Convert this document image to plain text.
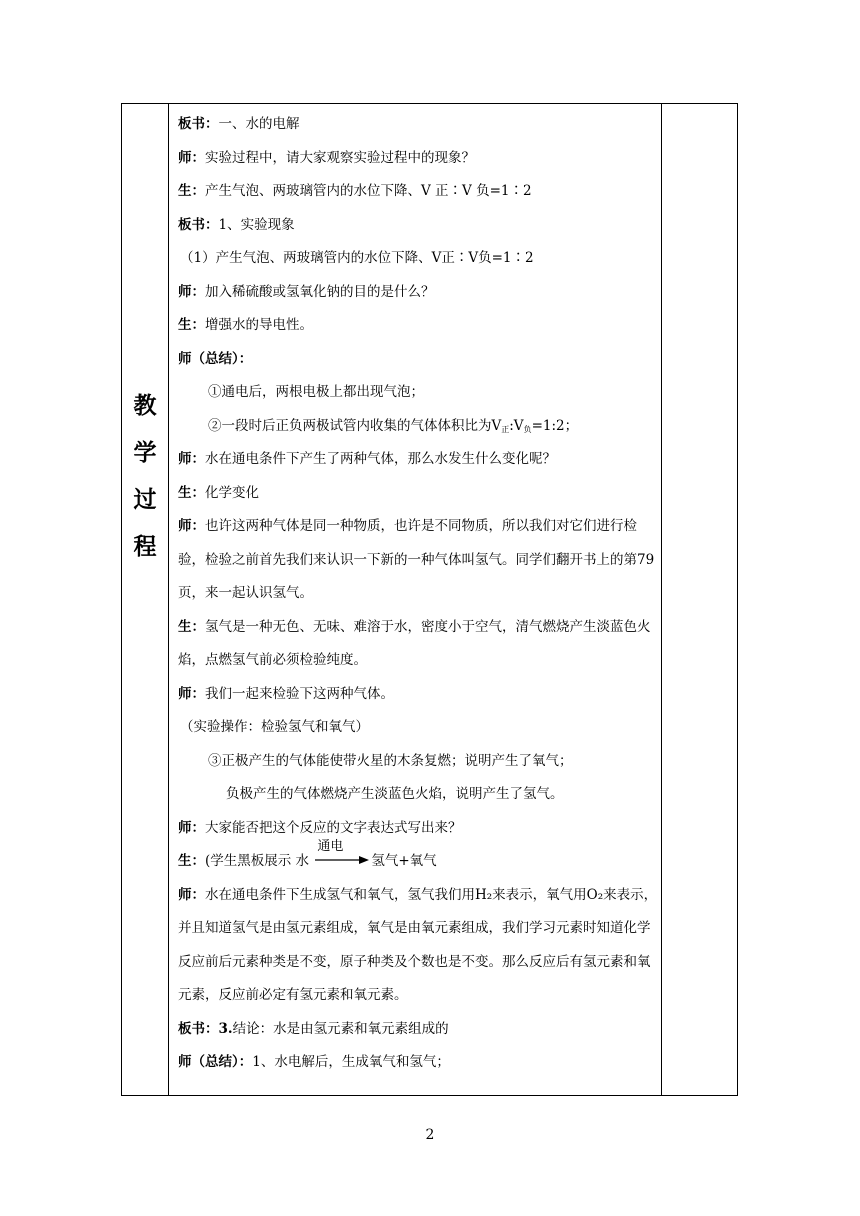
教
学
过
程
板书：一、水的电解
师：实验过程中，请大家观察实验过程中的现象？
生：产生气泡、两玻璃管内的水位下降、V 正∶V 负=1∶2
板书：1、实验现象
（1）产生气泡、两玻璃管内的水位下降、V正∶V负=1∶2
师：加入稀硫酸或氢氧化钠的目的是什么？
生：增强水的导电性。
师（总结）：
①通电后，两根电极上都出现气泡；
②一段时后正负两极试管内收集的气体体积比为$V_正:V_负=1:2$；
师：水在通电条件下产生了两种气体，那么水发生什么变化呢？
生：化学变化
师：也许这两种气体是同一种物质，也许是不同物质，所以我们对它们进行检验，检验之前首先我们来认识一下新的一种气体叫氢气。同学们翻开书上的第79页，来一起认识氢气。
生：氢气是一种无色、无味、难溶于水，密度小于空气，清气燃烧产生淡蓝色火焰，点燃氢气前必须检验纯度。
师：我们一起来检验下这两种气体。
（实验操作：检验氢气和氧气）
③正极产生的气体能使带火星的木条复燃；说明产生了氧气；
负极产生的气体燃烧产生淡蓝色火焰，说明产生了氢气。
师：大家能否把这个反应的文字表达式写出来？
生：(学生黑板展示 水
通电
氢气+氧气
师：水在通电条件下生成氢气和氧气，氢气我们用H₂来表示，氧气用O₂来表示，并且知道氢气是由氢元素组成，氧气是由氧元素组成，我们学习元素时知道化学反应前后元素种类是不变，原子种类及个数也是不变。那么反应后有氢元素和氧元素，反应前必定有氢元素和氧元素。
板书：3.结论：水是由氢元素和氧元素组成的
师（总结）：1、水电解后，生成氧气和氢气；
2
